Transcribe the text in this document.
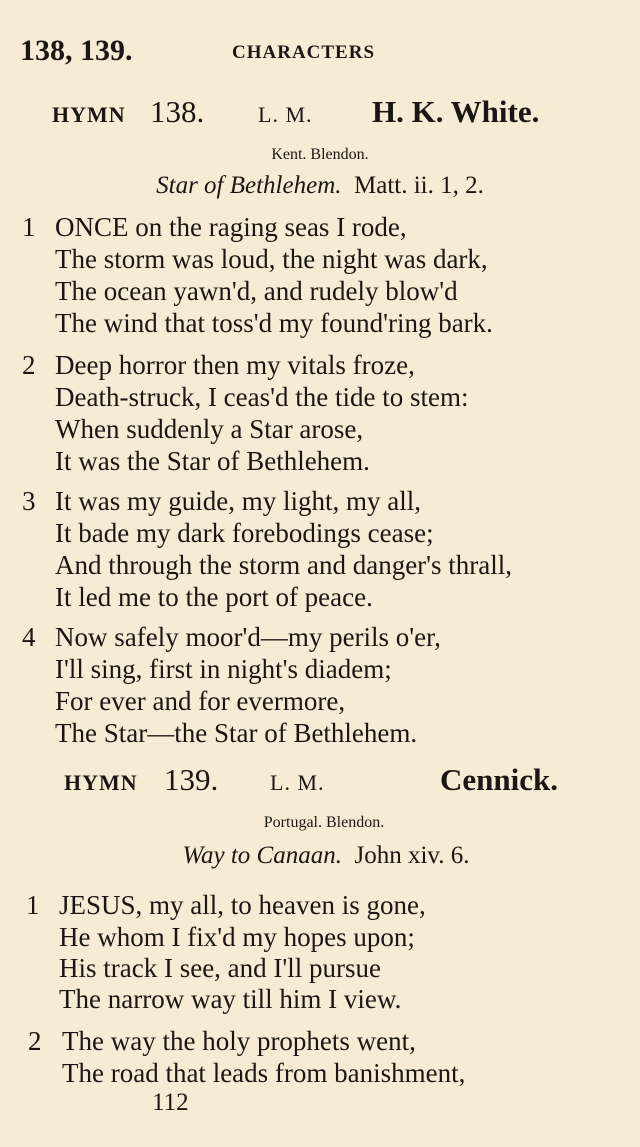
138, 139.	CHARACTERS
HYMN 138. L. M. H. K. White.
Kent. Blendon.
Star of Bethlehem. Matt. ii. 1, 2.
1 ONCE on the raging seas I rode,
The storm was loud, the night was dark,
The ocean yawn'd, and rudely blow'd
The wind that toss'd my found'ring bark.
2 Deep horror then my vitals froze,
Death-struck, I ceas'd the tide to stem:
When suddenly a Star arose,
It was the Star of Bethlehem.
3 It was my guide, my light, my all,
It bade my dark forebodings cease;
And through the storm and danger's thrall,
It led me to the port of peace.
4 Now safely moor'd—my perils o'er,
I'll sing, first in night's diadem;
For ever and for evermore,
The Star—the Star of Bethlehem.
HYMN 139. L. M.	Cennick.
Portugal. Blendon.
Way to Canaan. John xiv. 6.
1 JESUS, my all, to heaven is gone,
He whom I fix'd my hopes upon;
His track I see, and I'll pursue
The narrow way till him I view.
2 The way the holy prophets went,
The road that leads from banishment,
112
